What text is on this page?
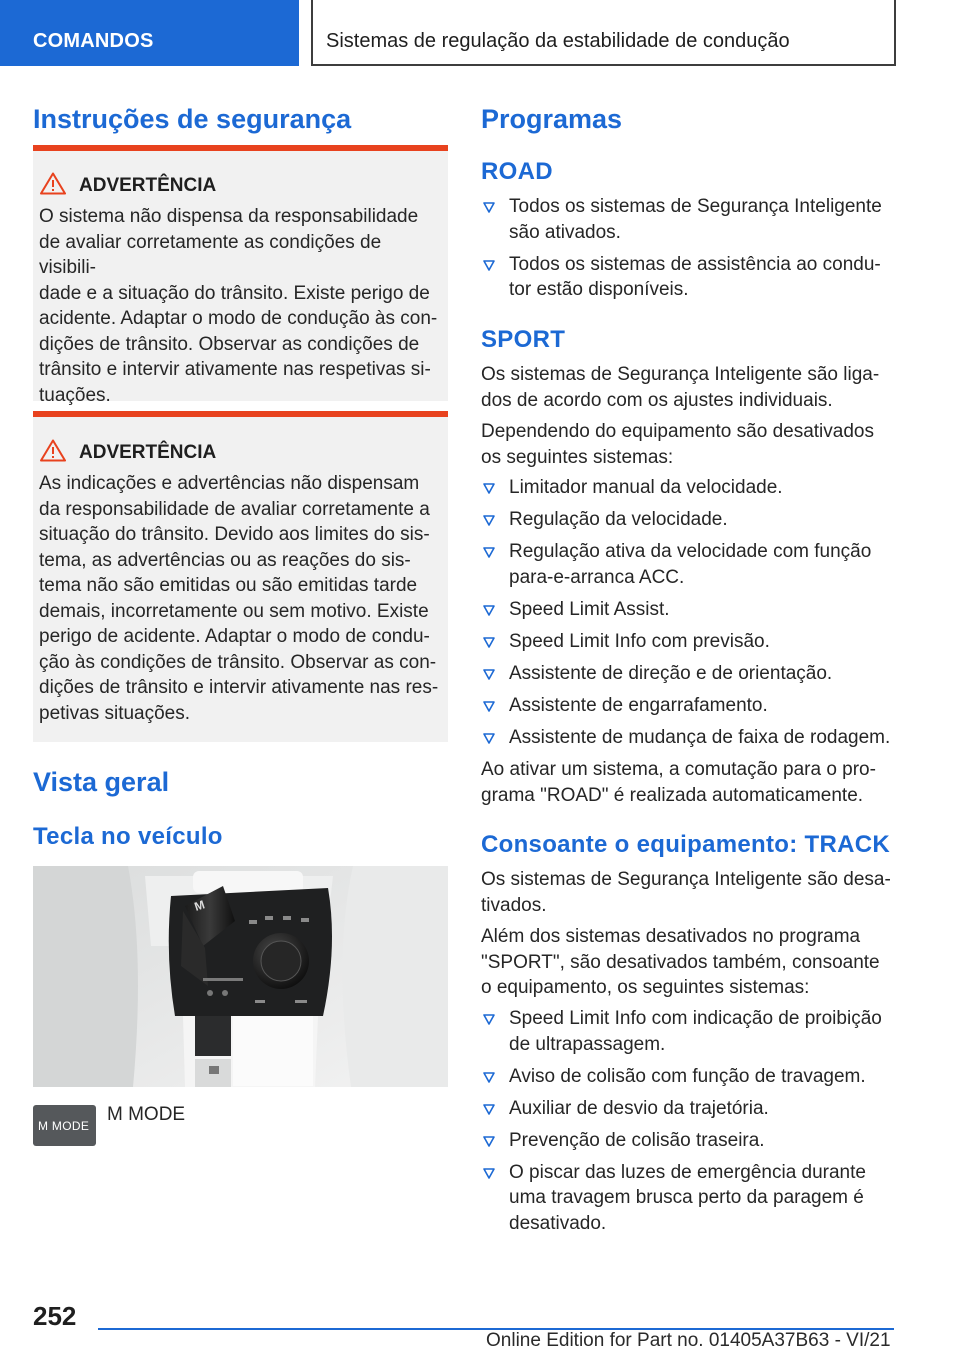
COMANDOS	Sistemas de regulação da estabilidade de condução
Instruções de segurança
ADVERTÊNCIA
O sistema não dispensa da responsabilidade
de avaliar corretamente as condições de visibili-
dade e a situação do trânsito. Existe perigo de
acidente. Adaptar o modo de condução às con-
dições de trânsito. Observar as condições de
trânsito e intervir ativamente nas respetivas si-
tuações.
ADVERTÊNCIA
As indicações e advertências não dispensam
da responsabilidade de avaliar corretamente a
situação do trânsito. Devido aos limites do sis-
tema, as advertências ou as reações do sis-
tema não são emitidas ou são emitidas tarde
demais, incorretamente ou sem motivo. Existe
perigo de acidente. Adaptar o modo de condu-
ção às condições de trânsito. Observar as con-
dições de trânsito e intervir ativamente nas res-
petivas situações.
Vista geral
Tecla no veículo
M
M MODE
M MODE
Programas
ROAD
Todos os sistemas de Segurança Inteligente
são ativados.
Todos os sistemas de assistência ao condu-
tor estão disponíveis.
SPORT
Os sistemas de Segurança Inteligente são liga-
dos de acordo com os ajustes individuais.
Dependendo do equipamento são desativados
os seguintes sistemas:
Limitador manual da velocidade.
Regulação da velocidade.
Regulação ativa da velocidade com função
para-e-arranca ACC.
Speed Limit Assist.
Speed Limit Info com previsão.
Assistente de direção e de orientação.
Assistente de engarrafamento.
Assistente de mudança de faixa de rodagem.
Ao ativar um sistema, a comutação para o pro-
grama "ROAD" é realizada automaticamente.
Consoante o equipamento: TRACK
Os sistemas de Segurança Inteligente são desa-
tivados.
Além dos sistemas desativados no programa
"SPORT", são desativados também, consoante
o equipamento, os seguintes sistemas:
Speed Limit Info com indicação de proibição
de ultrapassagem.
Aviso de colisão com função de travagem.
Auxiliar de desvio da trajetória.
Prevenção de colisão traseira.
O piscar das luzes de emergência durante
uma travagem brusca perto da paragem é
desativado.
252
Online Edition for Part no. 01405A37B63 - VI/21
